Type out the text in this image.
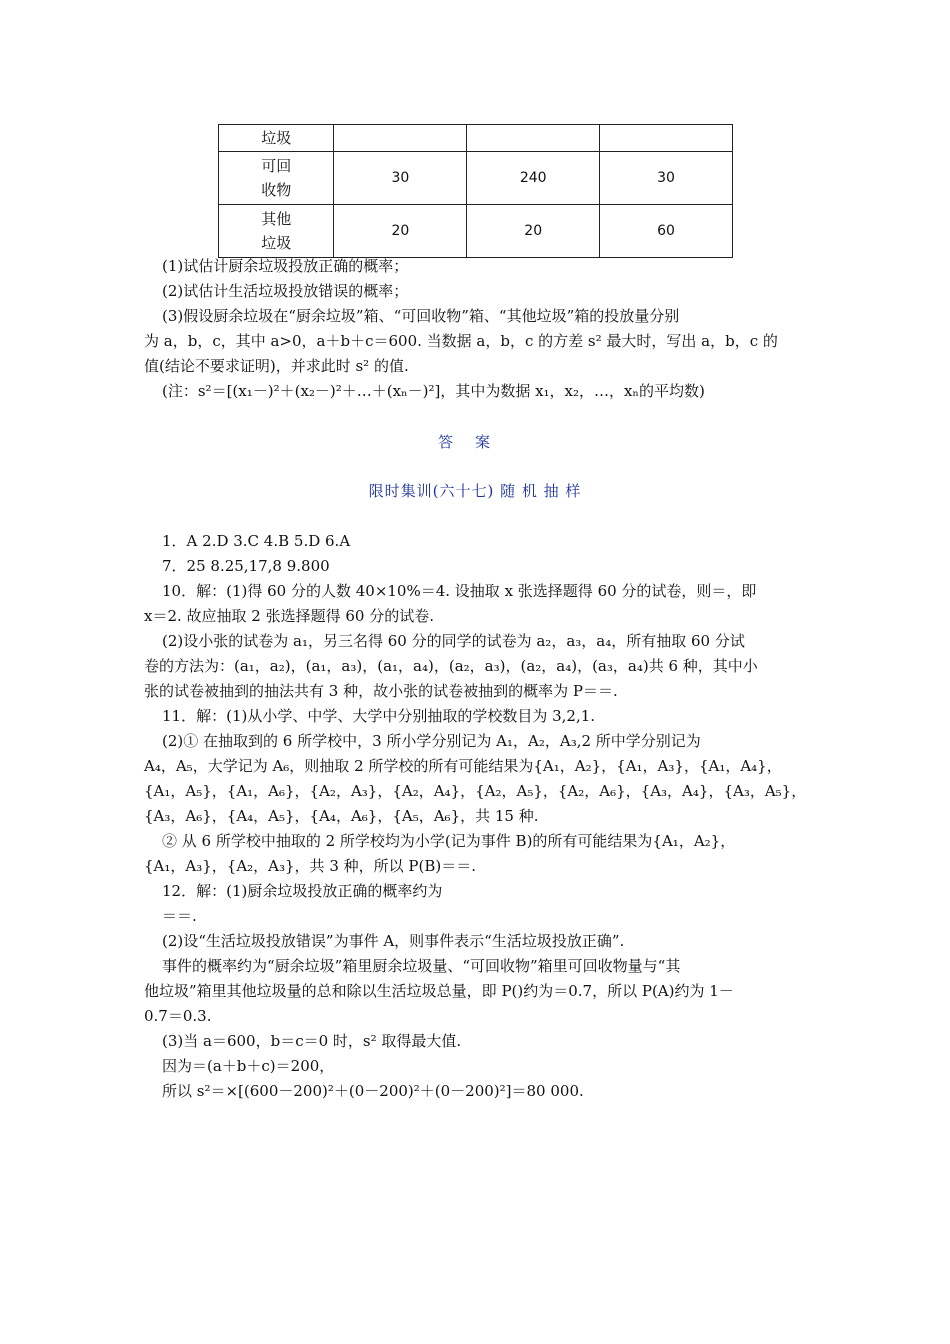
垃圾			
可回
收物	30	240	30
其他
垃圾	20	20	60
(1)试估计厨余垃圾投放正确的概率；
(2)试估计生活垃圾投放错误的概率；
(3)假设厨余垃圾在“厨余垃圾”箱、“可回收物”箱、“其他垃圾”箱的投放量分别
为 a，b，c，其中 a>0，a＋b＋c＝600. 当数据 a，b，c 的方差 s² 最大时，写出 a，b，c 的
值(结论不要求证明)，并求此时 s² 的值.
(注：s²＝[(x₁－)²＋(x₂－)²＋…＋(xₙ－)²]，其中为数据 x₁，x₂，…，xₙ的平均数)
答案
限时集训(六十七) 随 机 抽 样
1．A 2.D 3.C 4.B 5.D 6.A
7．25 8.25,17,8 9.800
10．解：(1)得 60 分的人数 40×10%＝4. 设抽取 x 张选择题得 60 分的试卷，则＝，即
x＝2. 故应抽取 2 张选择题得 60 分的试卷.
(2)设小张的试卷为 a₁，另三名得 60 分的同学的试卷为 a₂，a₃，a₄，所有抽取 60 分试
卷的方法为：(a₁，a₂)，(a₁，a₃)，(a₁，a₄)，(a₂，a₃)，(a₂，a₄)，(a₃，a₄)共 6 种，其中小
张的试卷被抽到的抽法共有 3 种，故小张的试卷被抽到的概率为 P＝＝.
11．解：(1)从小学、中学、大学中分别抽取的学校数目为 3,2,1.
(2)① 在抽取到的 6 所学校中，3 所小学分别记为 A₁，A₂，A₃,2 所中学分别记为
A₄，A₅，大学记为 A₆，则抽取 2 所学校的所有可能结果为{A₁，A₂}，{A₁，A₃}，{A₁，A₄}，
{A₁，A₅}，{A₁，A₆}，{A₂，A₃}，{A₂，A₄}，{A₂，A₅}，{A₂，A₆}，{A₃，A₄}，{A₃，A₅}，
{A₃，A₆}，{A₄，A₅}，{A₄，A₆}，{A₅，A₆}，共 15 种.
② 从 6 所学校中抽取的 2 所学校均为小学(记为事件 B)的所有可能结果为{A₁，A₂}，
{A₁，A₃}，{A₂，A₃}，共 3 种，所以 P(B)＝＝.
12．解：(1)厨余垃圾投放正确的概率约为
＝＝.
(2)设“生活垃圾投放错误”为事件 A，则事件表示“生活垃圾投放正确”.
事件的概率约为“厨余垃圾”箱里厨余垃圾量、“可回收物”箱里可回收物量与“其
他垃圾”箱里其他垃圾量的总和除以生活垃圾总量，即 P()约为＝0.7，所以 P(A)约为 1－
0.7＝0.3.
(3)当 a＝600，b＝c＝0 时，s² 取得最大值.
因为＝(a＋b＋c)＝200，
所以 s²＝×[(600－200)²＋(0－200)²＋(0－200)²]＝80 000.
